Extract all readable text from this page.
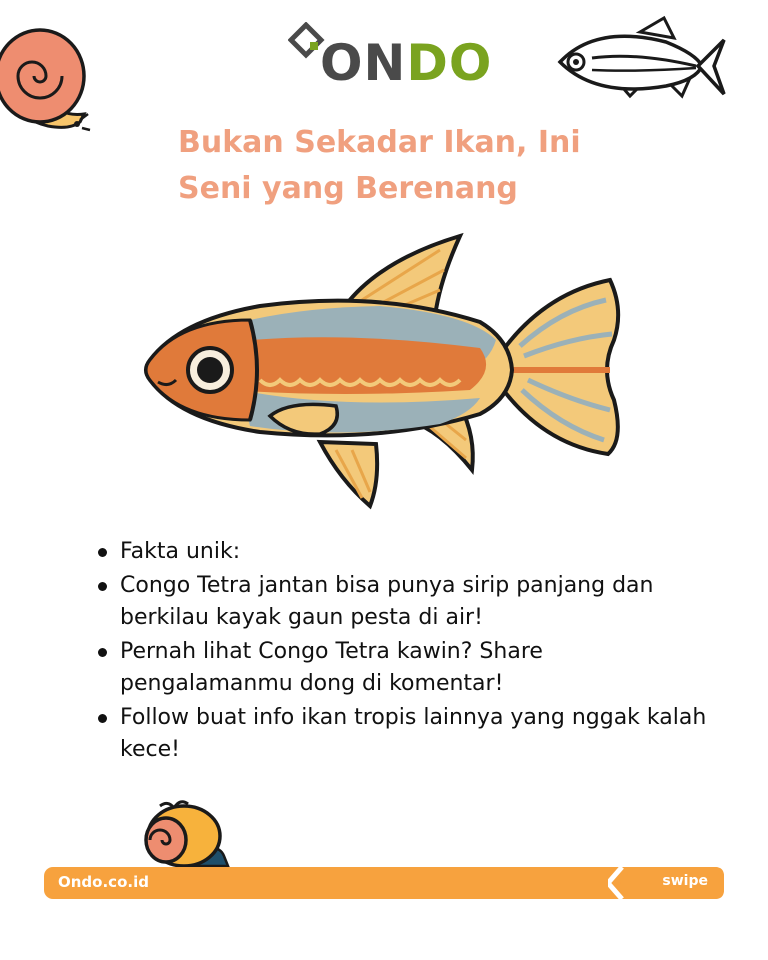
ONDO
Bukan Sekadar Ikan, Ini
Seni yang Berenang
Fakta unik:
Congo Tetra jantan bisa punya sirip panjang dan berkilau kayak gaun pesta di air!
Pernah lihat Congo Tetra kawin? Share pengalamanmu dong di komentar!
Follow buat info ikan tropis lainnya yang nggak kalah kece!
Ondo.co.id	swipe
